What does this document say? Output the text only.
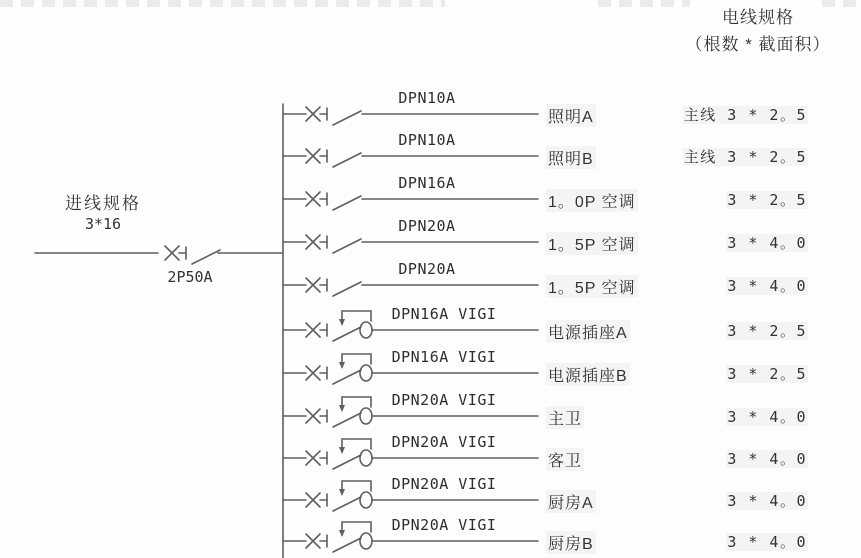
电线规格
（根数 * 截面积）
进线规格
3*16
2P50A
DPN10A
照明A	主线 3 * 2。5
DPN10A
照明B	主线 3 * 2。5
DPN16A
1。0P 空调	3 * 2。5
DPN20A
1。5P 空调	3 * 4。0
DPN20A
1。5P 空调	3 * 4。0
DPN16A VIGI
电源插座A	3 * 2。5
DPN16A VIGI
电源插座B	3 * 2。5
DPN20A VIGI
主卫	3 * 4。0
DPN20A VIGI
客卫	3 * 4。0
DPN20A VIGI
厨房A	3 * 4。0
DPN20A VIGI
厨房B	3 * 4。0
